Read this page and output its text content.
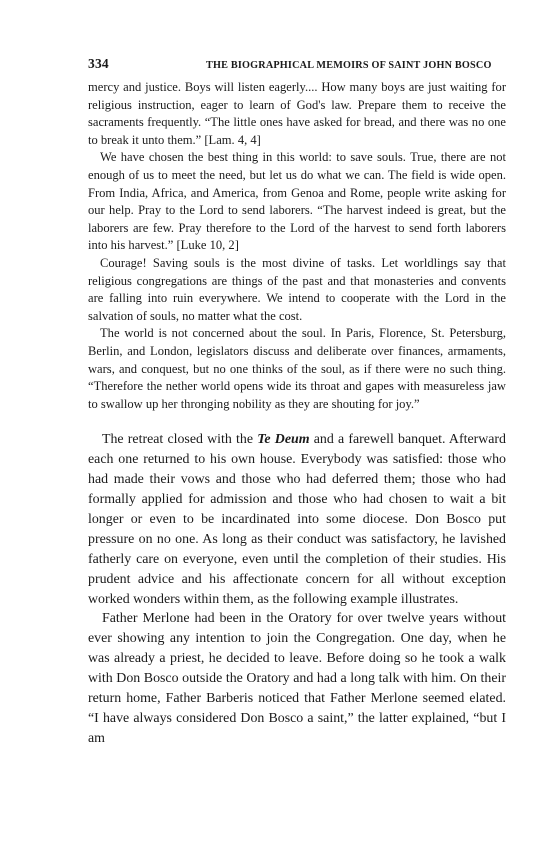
334	THE BIOGRAPHICAL MEMOIRS OF SAINT JOHN BOSCO

mercy and justice. Boys will listen eagerly.... How many boys are just waiting for religious instruction, eager to learn of God's law. Prepare them to receive the sacraments frequently. “The little ones have asked for bread, and there was no one to break it unto them.” [Lam. 4, 4]

We have chosen the best thing in this world: to save souls. True, there are not enough of us to meet the need, but let us do what we can. The field is wide open. From India, Africa, and America, from Genoa and Rome, people write asking for our help. Pray to the Lord to send laborers. “The harvest indeed is great, but the laborers are few. Pray therefore to the Lord of the harvest to send forth laborers into his harvest.” [Luke 10, 2]

Courage! Saving souls is the most divine of tasks. Let worldlings say that religious congregations are things of the past and that monasteries and convents are falling into ruin everywhere. We intend to cooperate with the Lord in the salvation of souls, no matter what the cost.

The world is not concerned about the soul. In Paris, Florence, St. Petersburg, Berlin, and London, legislators discuss and deliberate over finances, armaments, wars, and conquest, but no one thinks of the soul, as if there were no such thing. “Therefore the nether world opens wide its throat and gapes with measureless jaw to swallow up her thronging nobility as they are shouting for joy.”

The retreat closed with the Te Deum and a farewell banquet. Afterward each one returned to his own house. Everybody was satisfied: those who had made their vows and those who had deferred them; those who had formally applied for admission and those who had chosen to wait a bit longer or even to be incardinated into some diocese. Don Bosco put pressure on no one. As long as their conduct was satisfactory, he lavished fatherly care on everyone, even until the completion of their studies. His prudent advice and his affectionate concern for all without exception worked wonders within them, as the following example illustrates.

Father Merlone had been in the Oratory for over twelve years without ever showing any intention to join the Congregation. One day, when he was already a priest, he decided to leave. Before doing so he took a walk with Don Bosco outside the Oratory and had a long talk with him. On their return home, Father Barberis noticed that Father Merlone seemed elated. “I have always considered Don Bosco a saint,” the latter explained, “but I am
